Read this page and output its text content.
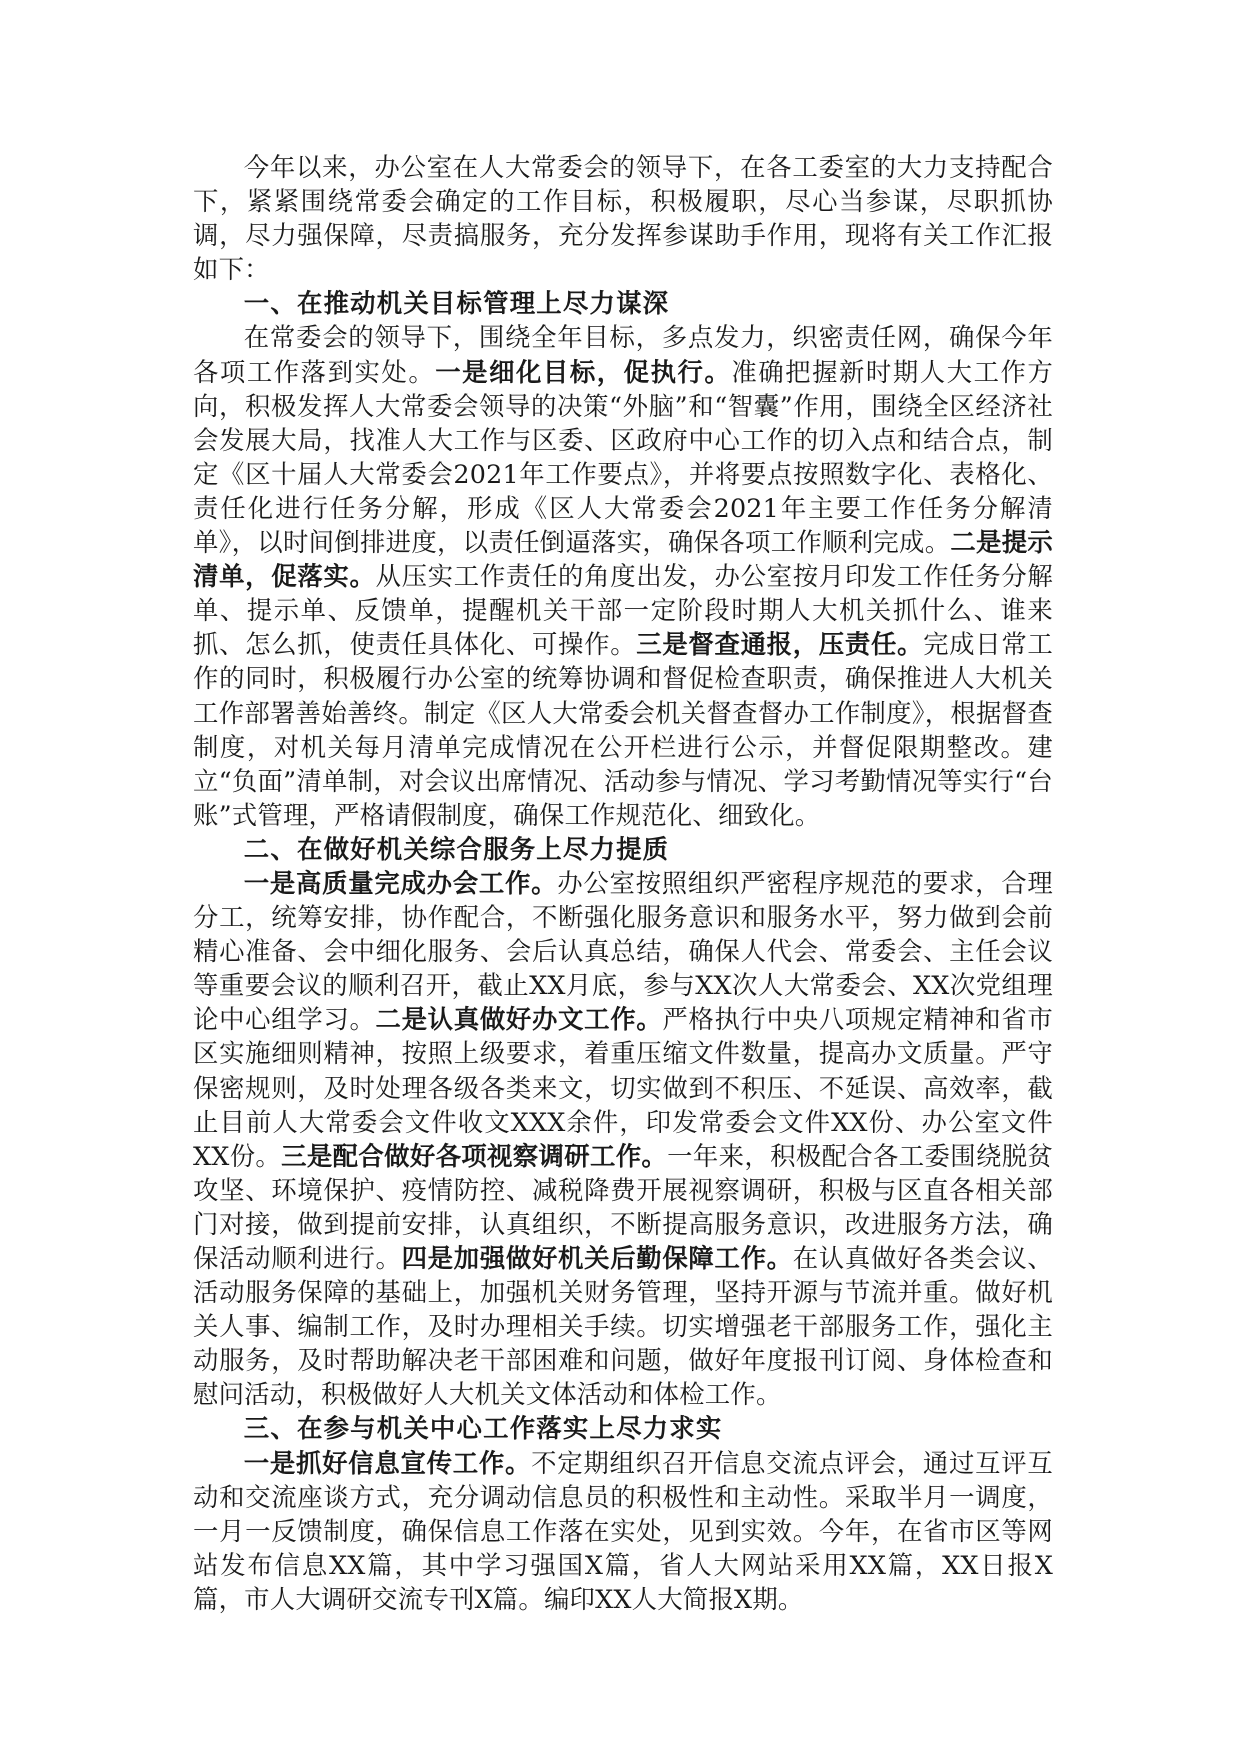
今年以来，办公室在人大常委会的领导下，在各工委室的大力支持配合下，紧紧围绕常委会确定的工作目标，积极履职，尽心当参谋，尽职抓协调，尽力强保障，尽责搞服务，充分发挥参谋助手作用，现将有关工作汇报如下：

一、在推动机关目标管理上尽力谋深

在常委会的领导下，围绕全年目标，多点发力，织密责任网，确保今年各项工作落到实处。一是细化目标，促执行。准确把握新时期人大工作方向，积极发挥人大常委会领导的决策“外脑”和“智囊”作用，围绕全区经济社会发展大局，找准人大工作与区委、区政府中心工作的切入点和结合点，制定《区十届人大常委会2021年工作要点》，并将要点按照数字化、表格化、责任化进行任务分解，形成《区人大常委会2021年主要工作任务分解清单》，以时间倒排进度，以责任倒逼落实，确保各项工作顺利完成。二是提示清单，促落实。从压实工作责任的角度出发，办公室按月印发工作任务分解单、提示单、反馈单，提醒机关干部一定阶段时期人大机关抓什么、谁来抓、怎么抓，使责任具体化、可操作。三是督查通报，压责任。完成日常工作的同时，积极履行办公室的统筹协调和督促检查职责，确保推进人大机关工作部署善始善终。制定《区人大常委会机关督查督办工作制度》，根据督查制度，对机关每月清单完成情况在公开栏进行公示，并督促限期整改。建立“负面”清单制，对会议出席情况、活动参与情况、学习考勤情况等实行“台账”式管理，严格请假制度，确保工作规范化、细致化。

二、在做好机关综合服务上尽力提质

一是高质量完成办会工作。办公室按照组织严密程序规范的要求，合理分工，统筹安排，协作配合，不断强化服务意识和服务水平，努力做到会前精心准备、会中细化服务、会后认真总结，确保人代会、常委会、主任会议等重要会议的顺利召开，截止XX月底，参与XX次人大常委会、XX次党组理论中心组学习。二是认真做好办文工作。严格执行中央八项规定精神和省市区实施细则精神，按照上级要求，着重压缩文件数量，提高办文质量。严守保密规则，及时处理各级各类来文，切实做到不积压、不延误、高效率，截止目前人大常委会文件收文XXX余件，印发常委会文件XX份、办公室文件XX份。三是配合做好各项视察调研工作。一年来，积极配合各工委围绕脱贫攻坚、环境保护、疫情防控、减税降费开展视察调研，积极与区直各相关部门对接，做到提前安排，认真组织，不断提高服务意识，改进服务方法，确保活动顺利进行。四是加强做好机关后勤保障工作。在认真做好各类会议、活动服务保障的基础上，加强机关财务管理，坚持开源与节流并重。做好机关人事、编制工作，及时办理相关手续。切实增强老干部服务工作，强化主动服务，及时帮助解决老干部困难和问题，做好年度报刊订阅、身体检查和慰问活动，积极做好人大机关文体活动和体检工作。

三、在参与机关中心工作落实上尽力求实

一是抓好信息宣传工作。不定期组织召开信息交流点评会，通过互评互动和交流座谈方式，充分调动信息员的积极性和主动性。采取半月一调度，一月一反馈制度，确保信息工作落在实处，见到实效。今年，在省市区等网站发布信息XX篇，其中学习强国X篇，省人大网站采用XX篇，XX日报X篇，市人大调研交流专刊X篇。编印XX人大简报X期。
